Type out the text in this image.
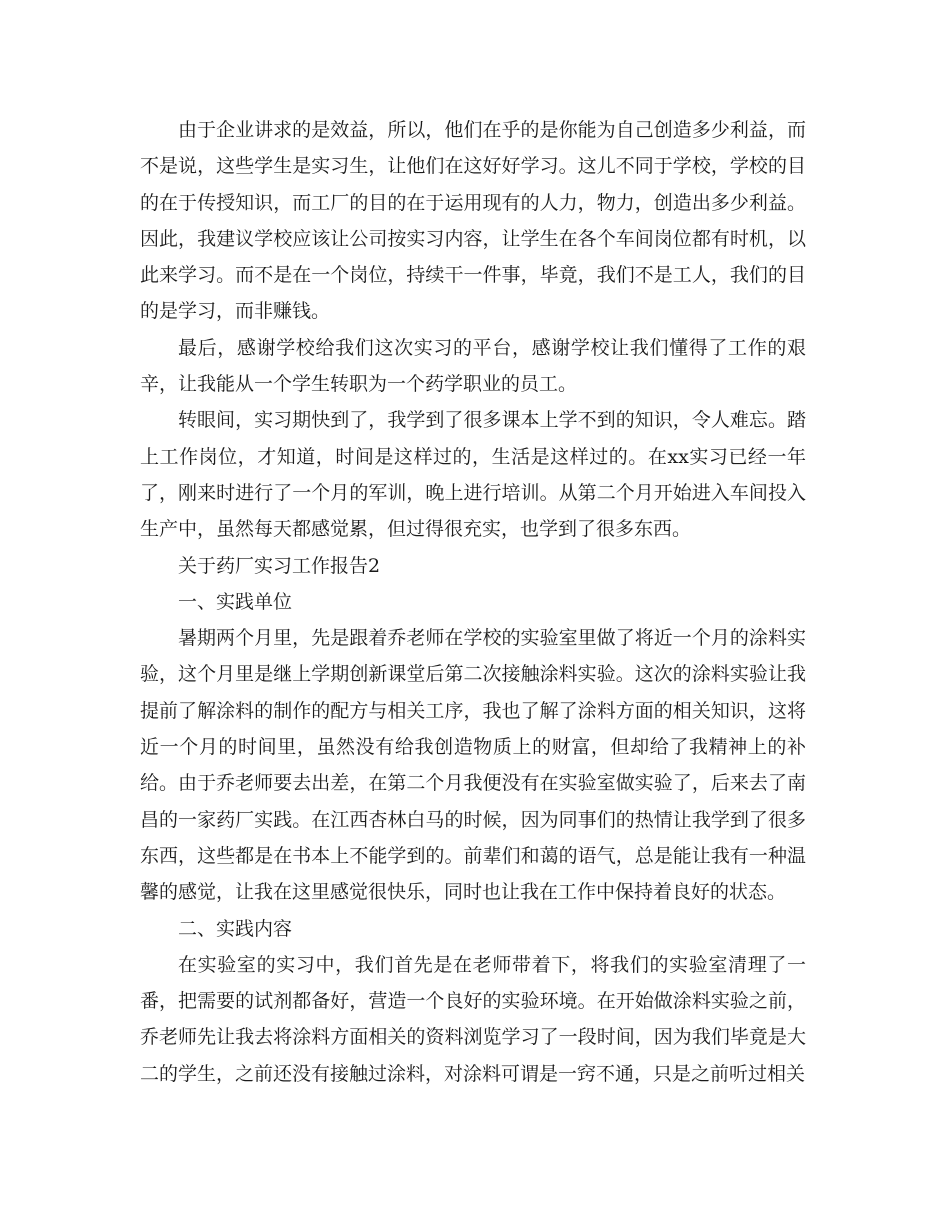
由于企业讲求的是效益，所以，他们在乎的是你能为自己创造多少利益，而不是说，这些学生是实习生，让他们在这好好学习。这儿不同于学校，学校的目的在于传授知识，而工厂的目的在于运用现有的人力，物力，创造出多少利益。因此，我建议学校应该让公司按实习内容，让学生在各个车间岗位都有时机，以此来学习。而不是在一个岗位，持续干一件事，毕竟，我们不是工人，我们的目的是学习，而非赚钱。

最后，感谢学校给我们这次实习的平台，感谢学校让我们懂得了工作的艰辛，让我能从一个学生转职为一个药学职业的员工。

转眼间，实习期快到了，我学到了很多课本上学不到的知识，令人难忘。踏上工作岗位，才知道，时间是这样过的，生活是这样过的。在xx实习已经一年了，刚来时进行了一个月的军训，晚上进行培训。从第二个月开始进入车间投入生产中，虽然每天都感觉累，但过得很充实，也学到了很多东西。

关于药厂实习工作报告2

一、实践单位

暑期两个月里，先是跟着乔老师在学校的实验室里做了将近一个月的涂料实验，这个月里是继上学期创新课堂后第二次接触涂料实验。这次的涂料实验让我提前了解涂料的制作的配方与相关工序，我也了解了涂料方面的相关知识，这将近一个月的时间里，虽然没有给我创造物质上的财富，但却给了我精神上的补给。由于乔老师要去出差，在第二个月我便没有在实验室做实验了，后来去了南昌的一家药厂实践。在江西杏林白马的时候，因为同事们的热情让我学到了很多东西，这些都是在书本上不能学到的。前辈们和蔼的语气，总是能让我有一种温馨的感觉，让我在这里感觉很快乐，同时也让我在工作中保持着良好的状态。

二、实践内容

在实验室的实习中，我们首先是在老师带着下，将我们的实验室清理了一番，把需要的试剂都备好，营造一个良好的实验环境。在开始做涂料实验之前，乔老师先让我去将涂料方面相关的资料浏览学习了一段时间，因为我们毕竟是大二的学生，之前还没有接触过涂料，对涂料可谓是一窍不通，只是之前听过相关
